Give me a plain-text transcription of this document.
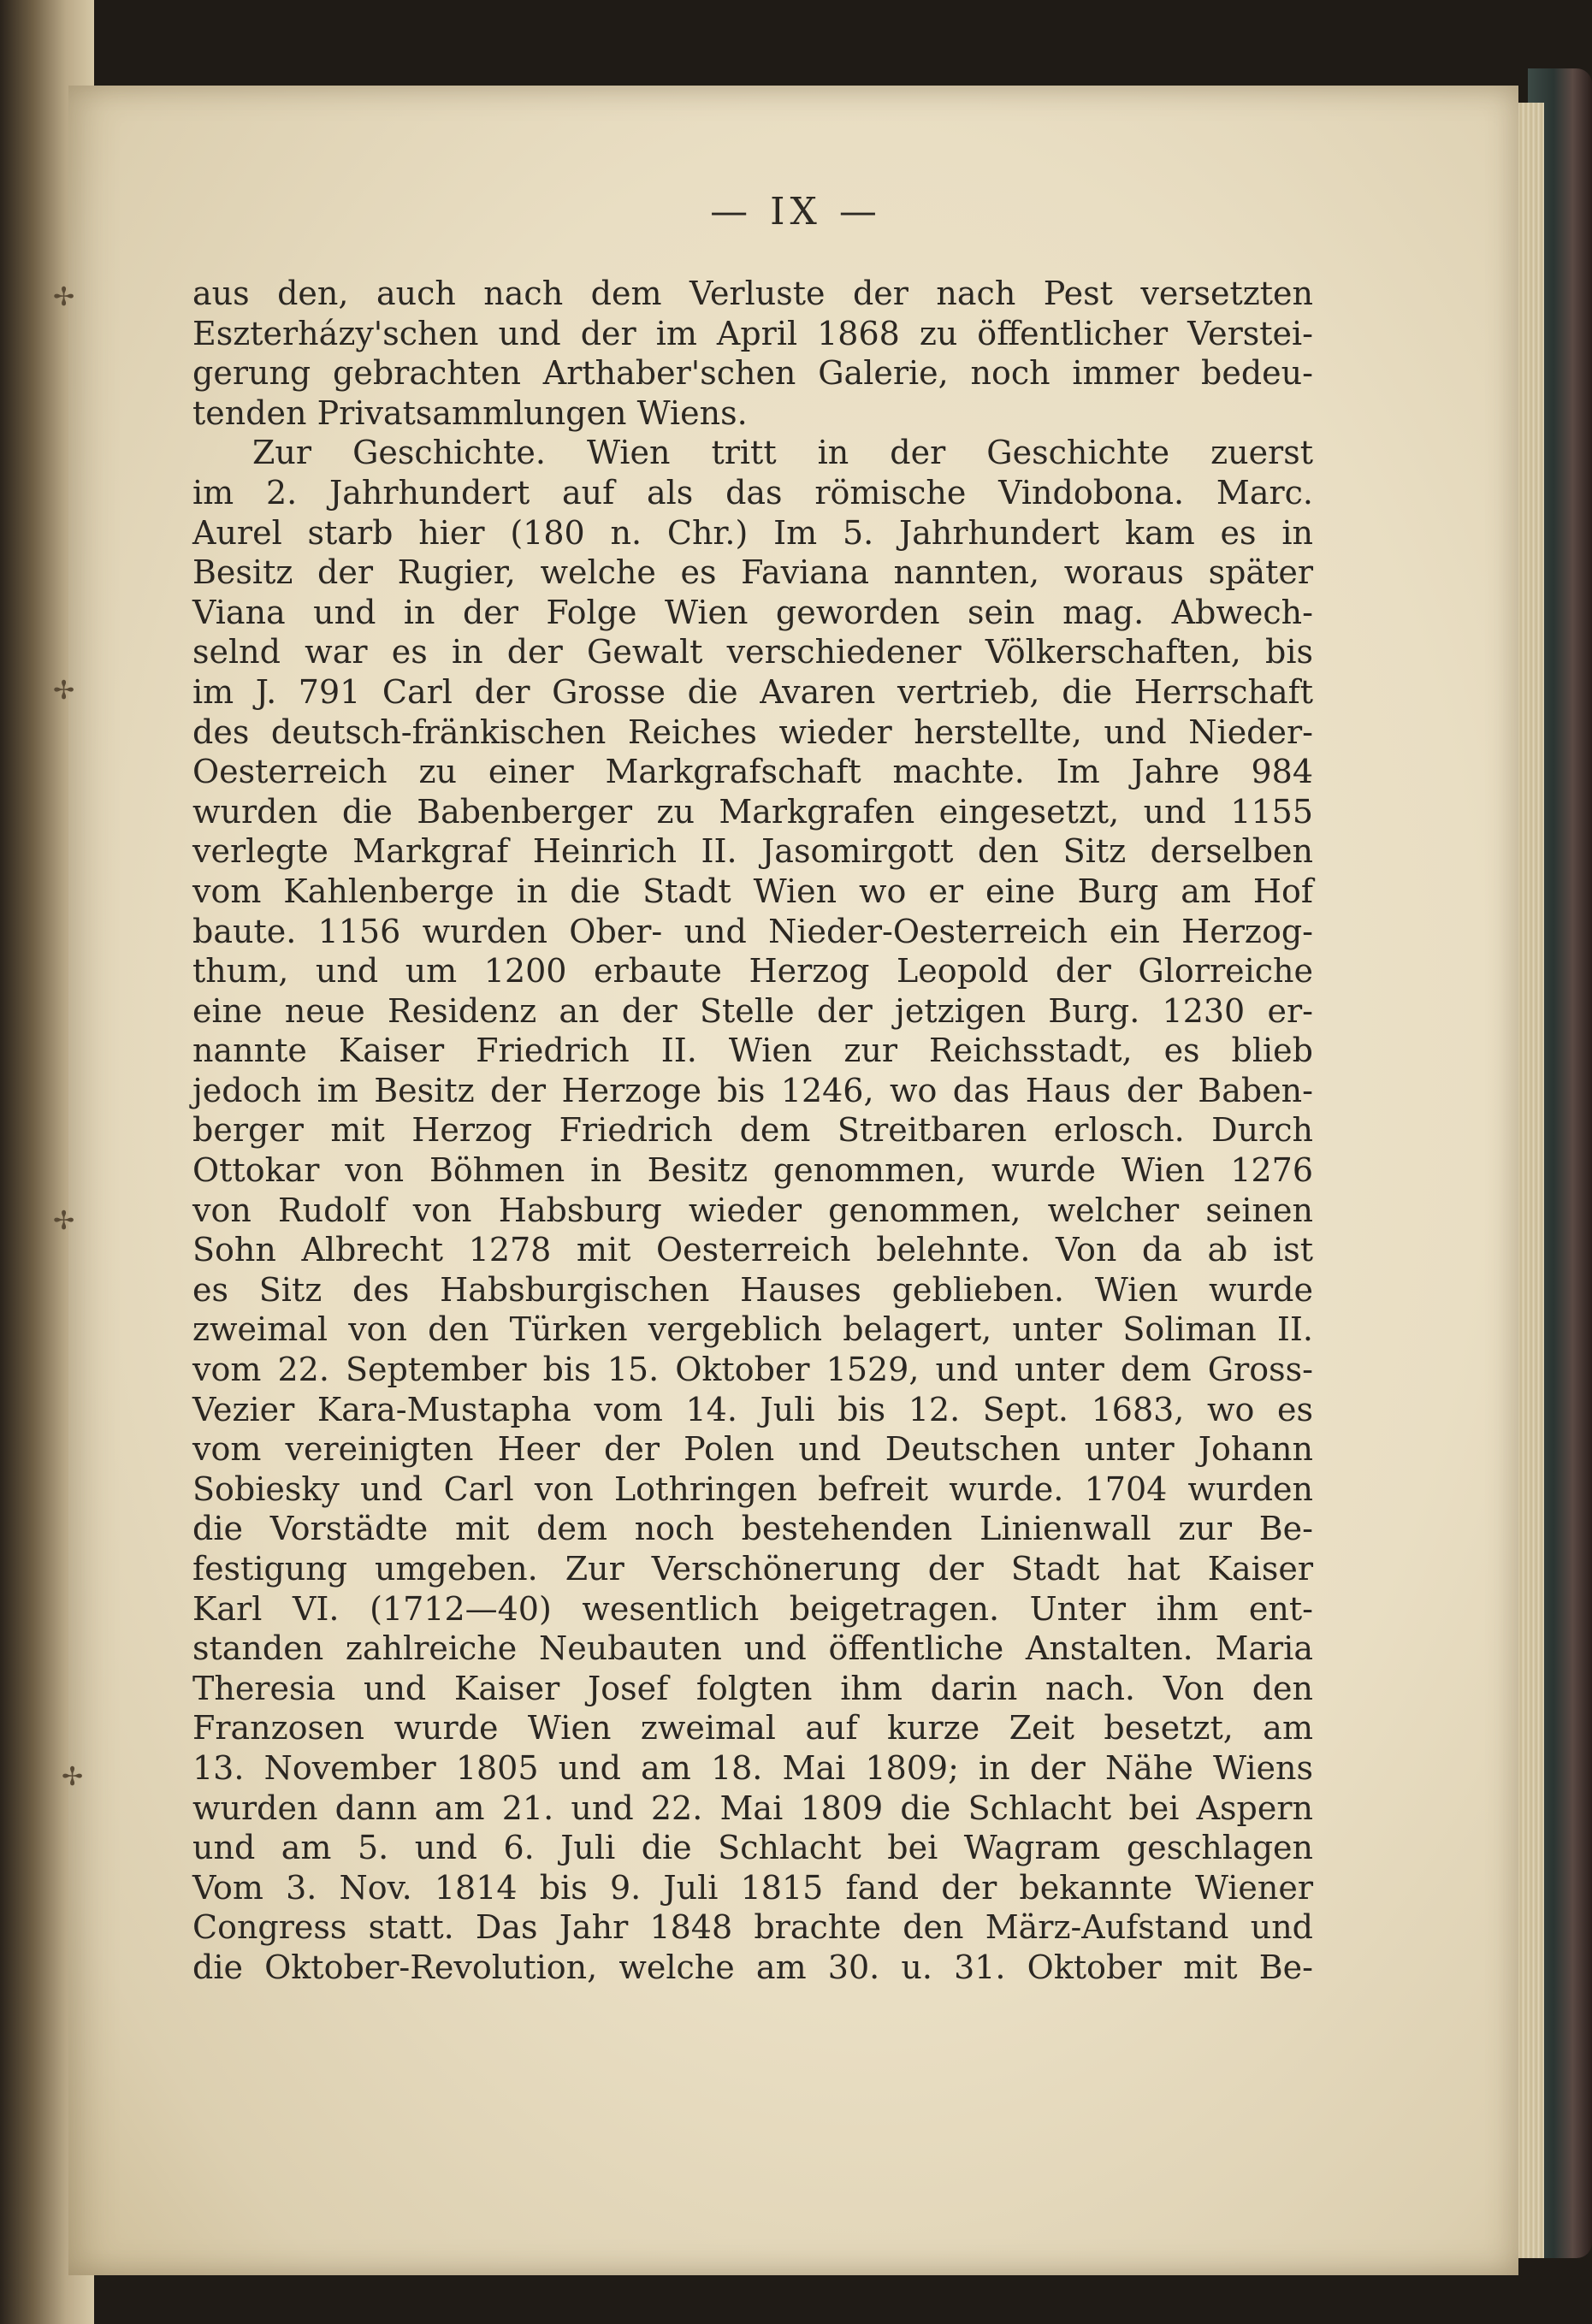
✢
✢
✢
✢
— IX —
aus den, auch nach dem Verluste der nach Pest versetzten
Eszterházy'schen und der im April 1868 zu öffentlicher Verstei-
gerung gebrachten Arthaber'schen Galerie, noch immer bedeu-
tenden Privatsammlungen Wiens.
Zur Geschichte. Wien tritt in der Geschichte zuerst
im 2. Jahrhundert auf als das römische Vindobona. Marc.
Aurel starb hier (180 n. Chr.) Im 5. Jahrhundert kam es in
Besitz der Rugier, welche es Faviana nannten, woraus später
Viana und in der Folge Wien geworden sein mag. Abwech-
selnd war es in der Gewalt verschiedener Völkerschaften, bis
im J. 791 Carl der Grosse die Avaren vertrieb, die Herrschaft
des deutsch-fränkischen Reiches wieder herstellte, und Nieder-
Oesterreich zu einer Markgrafschaft machte. Im Jahre 984
wurden die Babenberger zu Markgrafen eingesetzt, und 1155
verlegte Markgraf Heinrich II. Jasomirgott den Sitz derselben
vom Kahlenberge in die Stadt Wien wo er eine Burg am Hof
baute. 1156 wurden Ober- und Nieder-Oesterreich ein Herzog-
thum, und um 1200 erbaute Herzog Leopold der Glorreiche
eine neue Residenz an der Stelle der jetzigen Burg. 1230 er-
nannte Kaiser Friedrich II. Wien zur Reichsstadt, es blieb
jedoch im Besitz der Herzoge bis 1246, wo das Haus der Baben-
berger mit Herzog Friedrich dem Streitbaren erlosch. Durch
Ottokar von Böhmen in Besitz genommen, wurde Wien 1276
von Rudolf von Habsburg wieder genommen, welcher seinen
Sohn Albrecht 1278 mit Oesterreich belehnte. Von da ab ist
es Sitz des Habsburgischen Hauses geblieben. Wien wurde
zweimal von den Türken vergeblich belagert, unter Soliman II.
vom 22. September bis 15. Oktober 1529, und unter dem Gross-
Vezier Kara-Mustapha vom 14. Juli bis 12. Sept. 1683, wo es
vom vereinigten Heer der Polen und Deutschen unter Johann
Sobiesky und Carl von Lothringen befreit wurde. 1704 wurden
die Vorstädte mit dem noch bestehenden Linienwall zur Be-
festigung umgeben. Zur Verschönerung der Stadt hat Kaiser
Karl VI. (1712—40) wesentlich beigetragen. Unter ihm ent-
standen zahlreiche Neubauten und öffentliche Anstalten. Maria
Theresia und Kaiser Josef folgten ihm darin nach. Von den
Franzosen wurde Wien zweimal auf kurze Zeit besetzt, am
13. November 1805 und am 18. Mai 1809; in der Nähe Wiens
wurden dann am 21. und 22. Mai 1809 die Schlacht bei Aspern
und am 5. und 6. Juli die Schlacht bei Wagram geschlagen
Vom 3. Nov. 1814 bis 9. Juli 1815 fand der bekannte Wiener
Congress statt. Das Jahr 1848 brachte den März-Aufstand und
die Oktober-Revolution, welche am 30. u. 31. Oktober mit Be-
